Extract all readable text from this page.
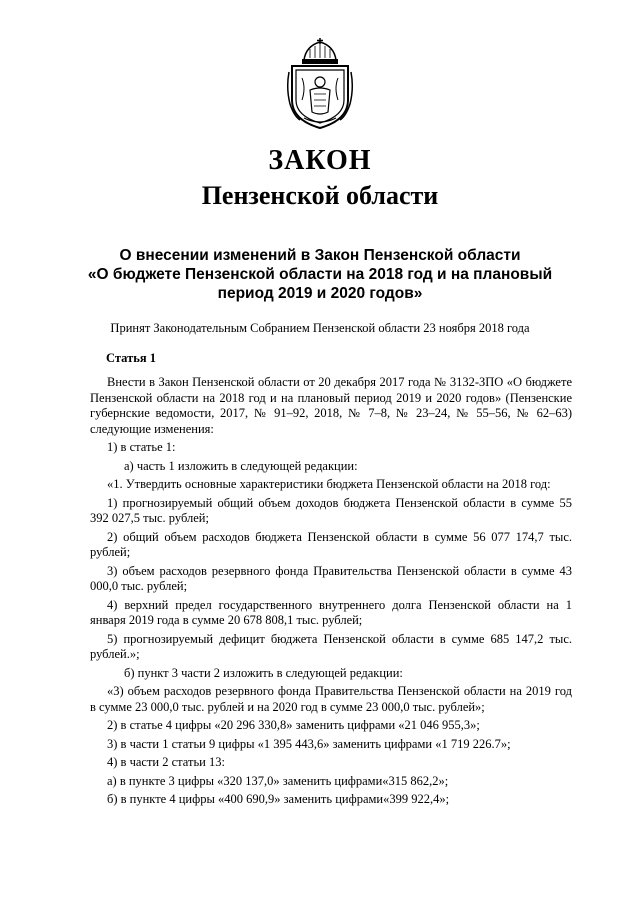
ЗАКОН
Пензенской области
О внесении изменений в Закон Пензенской области
«О бюджете Пензенской области на 2018 год и на плановый
период 2019 и 2020 годов»
Принят Законодательным Собранием Пензенской области 23 ноября 2018 года
Статья 1

Внести в Закон Пензенской области от 20 декабря 2017 года № 3132-ЗПО «О бюджете Пензенской области на 2018 год и на плановый период 2019 и 2020 годов» (Пензенские губернские ведомости, 2017, № 91–92, 2018, № 7–8, № 23–24, № 55–56, № 62–63) следующие изменения:

1) в статье 1:

а) часть 1 изложить в следующей редакции:

«1. Утвердить основные характеристики бюджета Пензенской области на 2018 год:

1) прогнозируемый общий объем доходов бюджета Пензенской области в сумме 55 392 027,5 тыс. рублей;

2) общий объем расходов бюджета Пензенской области в сумме 56 077 174,7 тыс. рублей;

3) объем расходов резервного фонда Правительства Пензенской области в сумме 43 000,0 тыс. рублей;

4) верхний предел государственного внутреннего долга Пензенской области на 1 января 2019 года в сумме 20 678 808,1 тыс. рублей;

5) прогнозируемый дефицит бюджета Пензенской области в сумме 685 147,2 тыс. рублей.»;

б) пункт 3 части 2 изложить в следующей редакции:

«3) объем расходов резервного фонда Правительства Пензенской области на 2019 год в сумме 23 000,0 тыс. рублей и на 2020 год в сумме 23 000,0 тыс. рублей»;

2) в статье 4 цифры «20 296 330,8» заменить цифрами «21 046 955,3»;

3) в части 1 статьи 9 цифры «1 395 443,6» заменить цифрами «1 719 226.7»;

4) в части 2 статьи 13:

а) в пункте 3 цифры «320 137,0» заменить цифрами«315 862,2»;

б) в пункте 4 цифры «400 690,9» заменить цифрами«399 922,4»;
